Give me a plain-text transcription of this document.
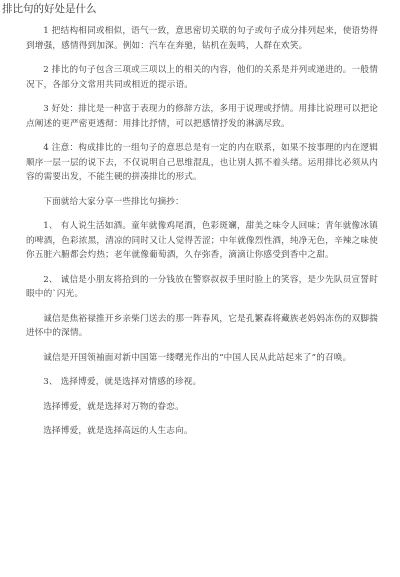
排比句的好处是什么

1 把结构相同或相似，语气一致，意思密切关联的句子或句子成分排列起来，使语势得到增强，感情得到加深。例如：汽车在奔驰，钻机在轰鸣，人群在欢笑。

2 排比的句子包含三项或三项以上的相关的内容，他们的关系是并列或递进的。一般情况下，各部分文常用共同或相近的提示语。

3 好处：排比是一种富于表现力的修辞方法，多用于说理或抒情。用排比说理可以把论点阐述的更严密更透彻：用排比抒情，可以把感情抒发的淋漓尽致。

4 注意：构成排比的一组句子的意思总是有一定的内在联系，如果不按事理的内在逻辑顺序一层一层的说下去，不仅说明自己思维混乱，也让别人抓不着头绪。运用排比必须从内容的需要出发，不能生硬的拼凑排比的形式。

下面就给大家分享一些排比句摘抄：

1、 有人说生活如酒。童年就像鸡尾酒，色彩斑斓，甜美之味令人回味；青年就像冰镇 的啤酒，色彩浓黑，清凉的同时又让人觉得苦涩；中年就像烈性酒，纯净无色，辛辣之味使你五脏六腑都会灼热；老年就像葡萄酒，久存弥香，滴滴让你感受到香中之甜。

2、 诚信是小朋友将拾到的一分钱放在警察叔叔手里时脸上的笑容，是少先队员宣誓时 眼中的`闪光。

诚信是焦裕禄推开乡亲柴门送去的那一阵春风，它是孔繁森将藏族老妈妈冻伤的双脚揣进怀中的深情。

诚信是开国领袖面对新中国第一缕曙光作出的“中国人民从此站起来了”的召唤。

3、 选择博爱，就是选择对情感的珍视。

选择博爱，就是选择对万物的眷恋。

选择博爱，就是选择高远的人生志向。
